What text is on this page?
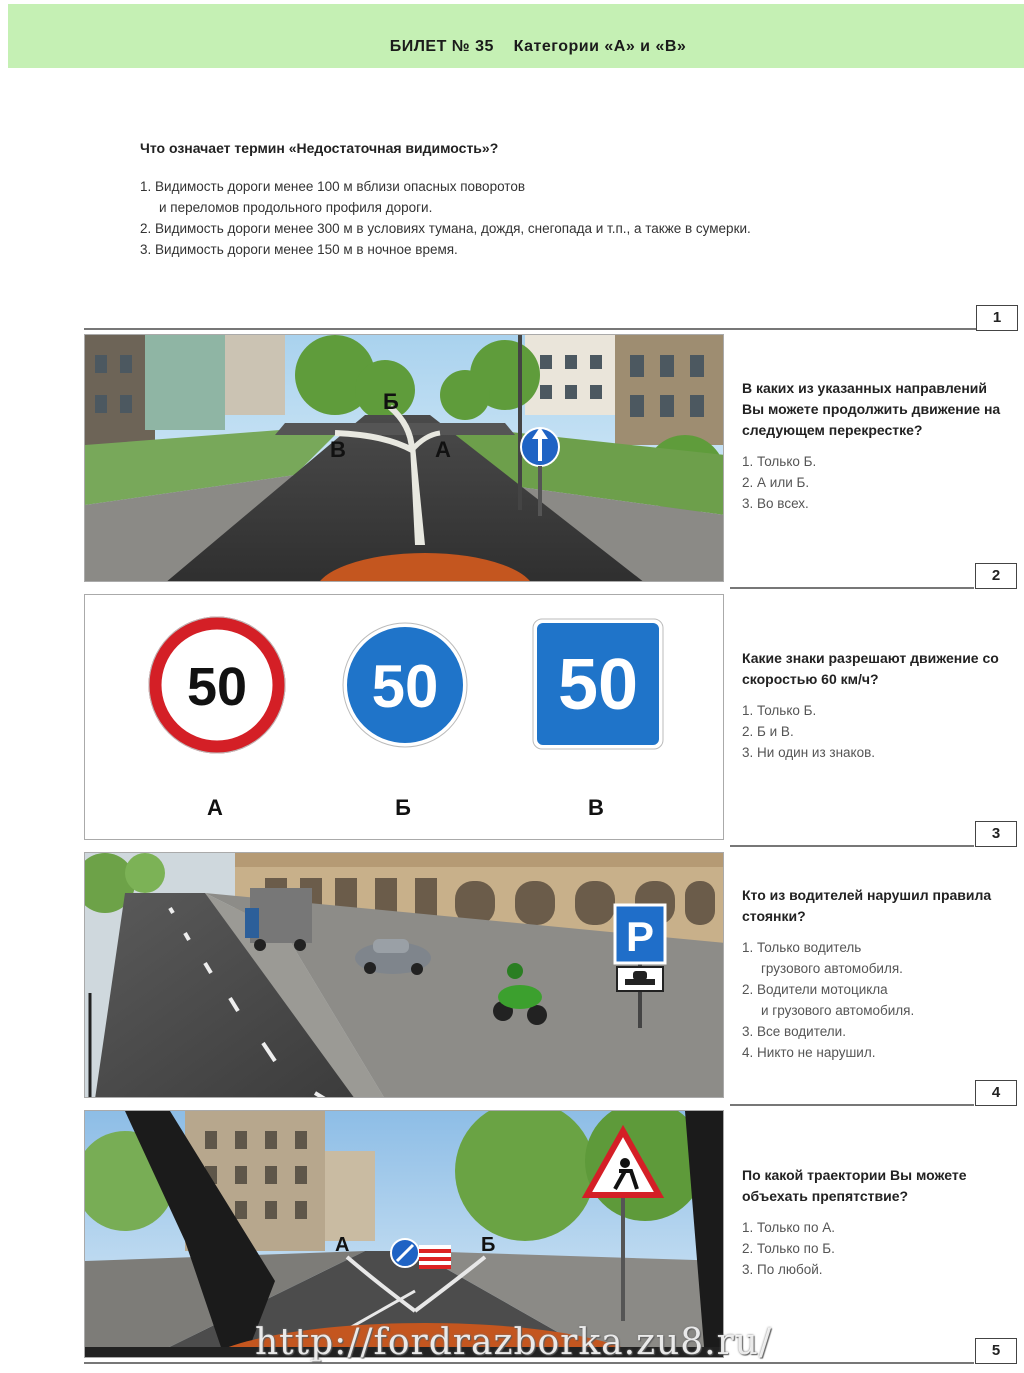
БИЛЕТ № 35 Категории «А» и «В»
Что означает термин «Недостаточная видимость»?
1. Видимость дороги менее 100 м вблизи опасных поворотов
и переломов продольного профиля дороги.
2. Видимость дороги менее 300 м в условиях тумана, дождя, снегопада и т.п., а также в сумерки.
3. Видимость дороги менее 150 м в ночное время.
1
Б
В	А
В каких из указанных направлений Вы можете продолжить движение на следующем перекрестке?
1. Только Б.
2. А или Б.
3. Во всех.
2
50 50 50
А	Б	В
Какие знаки разрешают движение со скоростью 60 км/ч?
1. Только Б.
2. Б и В.
3. Ни один из знаков.
3
P
Кто из водителей нарушил правила стоянки?
1. Только водитель
грузового автомобиля.
2. Водители мотоцикла
и грузового автомобиля.
3. Все водители.
4. Никто не нарушил.
4
А	Б
По какой траектории Вы можете объехать препятствие?
1. Только по А.
2. Только по Б.
3. По любой.
5
http://fordrazborka.zu8.ru/
